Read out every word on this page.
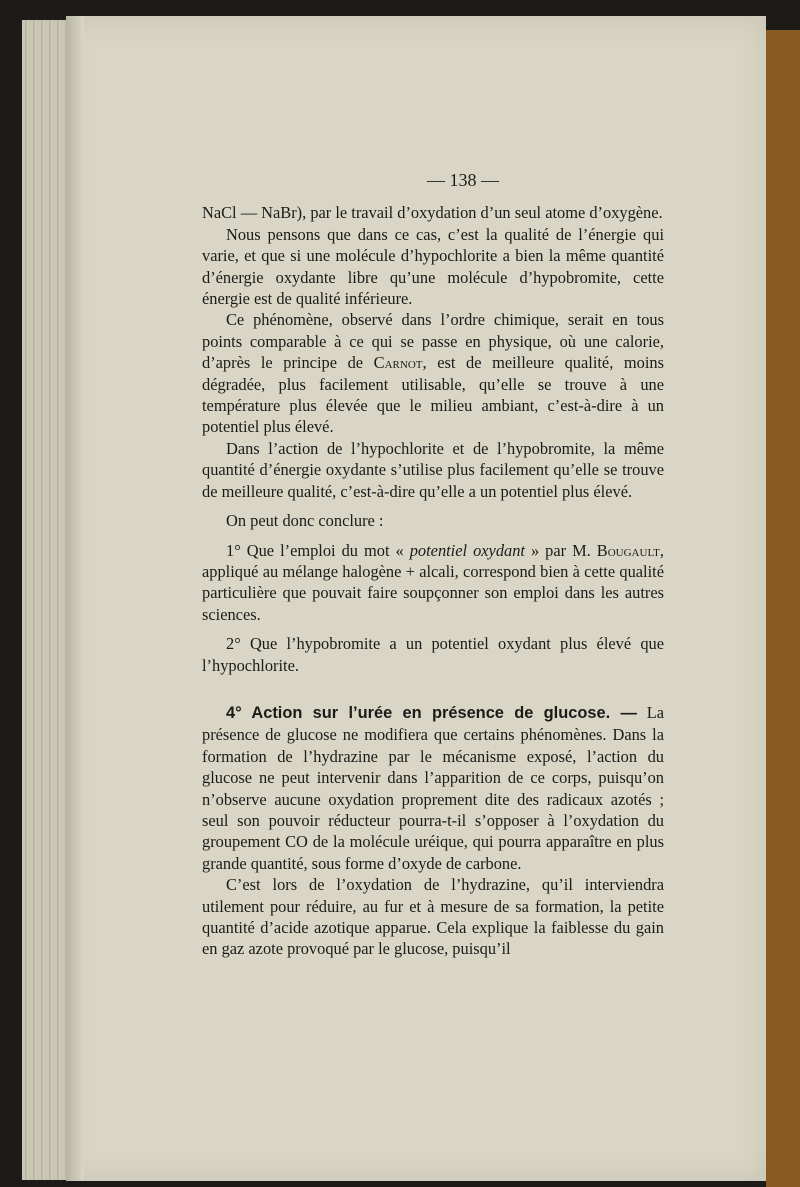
— 138 —

NaCl — NaBr), par le travail d’oxydation d’un seul atome d’oxygène.

Nous pensons que dans ce cas, c’est la qualité de l’énergie qui varie, et que si une molécule d’hypochlorite a bien la même quantité d’énergie oxydante libre qu’une molécule d’hypobromite, cette énergie est de qualité inférieure.

Ce phénomène, observé dans l’ordre chimique, serait en tous points comparable à ce qui se passe en physique, où une calorie, d’après le principe de Carnot, est de meilleure qualité, moins dégradée, plus facilement utilisable, qu’elle se trouve à une température plus élevée que le milieu ambiant, c’est-à-dire à un potentiel plus élevé.

Dans l’action de l’hypochlorite et de l’hypobromite, la même quantité d’énergie oxydante s’utilise plus facilement qu’elle se trouve de meilleure qualité, c’est-à-dire qu’elle a un potentiel plus élevé.

On peut donc conclure :

1° Que l’emploi du mot « potentiel oxydant » par M. Bougault, appliqué au mélange halogène + alcali, correspond bien à cette qualité particulière que pouvait faire soupçonner son emploi dans les autres sciences.

2° Que l’hypobromite a un potentiel oxydant plus élevé que l’hypochlorite.

4° Action sur l’urée en présence de glucose. — La présence de glucose ne modifiera que certains phénomènes. Dans la formation de l’hydrazine par le mécanisme exposé, l’action du glucose ne peut intervenir dans l’apparition de ce corps, puisqu’on n’observe aucune oxydation proprement dite des radicaux azotés ; seul son pouvoir réducteur pourra-t-il s’opposer à l’oxydation du groupement CO de la molécule uréique, qui pourra apparaître en plus grande quantité, sous forme d’oxyde de carbone.

C’est lors de l’oxydation de l’hydrazine, qu’il interviendra utilement pour réduire, au fur et à mesure de sa formation, la petite quantité d’acide azotique apparue. Cela explique la faiblesse du gain en gaz azote provoqué par le glucose, puisqu’il
